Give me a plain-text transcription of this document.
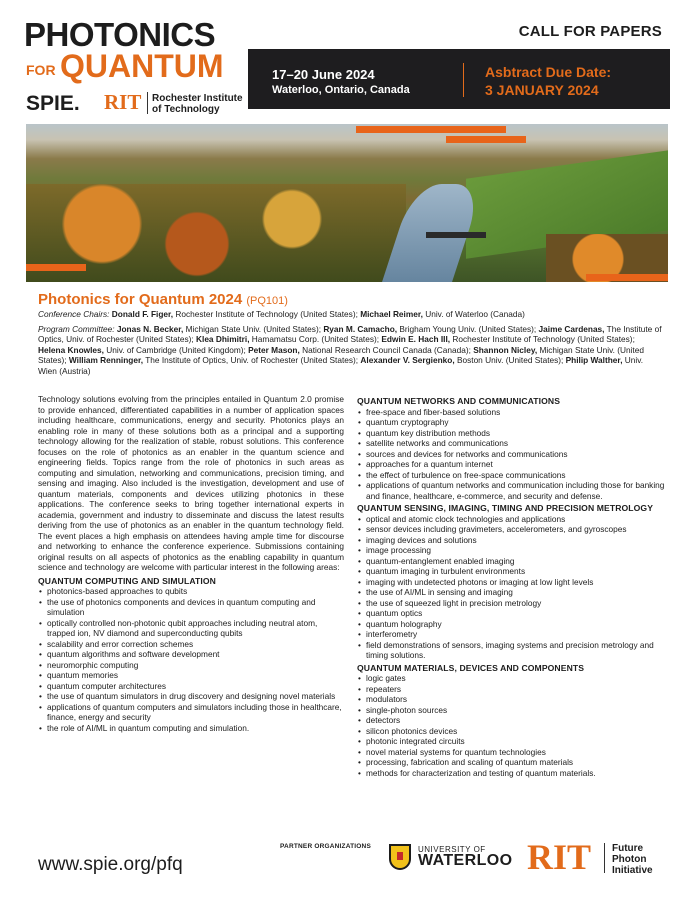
PHOTONICS
FOR QUANTUM
SPIE. RIT Rochester Institute
of Technology
CALL FOR PAPERS
17–20 June 2024
Waterloo, Ontario, Canada
Asbtract Due Date:
3 JANUARY 2024
Photonics for Quantum 2024 (PQ101)
Conference Chairs: Donald F. Figer, Rochester Institute of Technology (United States); Michael Reimer, Univ. of Waterloo (Canada)
Program Committee: Jonas N. Becker, Michigan State Univ. (United States); Ryan M. Camacho, Brigham Young Univ. (United States); Jaime Cardenas, The Institute of Optics, Univ. of Rochester (United States); Klea Dhimitri, Hamamatsu Corp. (United States); Edwin E. Hach III, Rochester Institute of Technology (United States); Helena Knowles, Univ. of Cambridge (United Kingdom); Peter Mason, National Research Council Canada (Canada); Shannon Nicley, Michigan State Univ. (United States); William Renninger, The Institute of Optics, Univ. of Rochester (United States); Alexander V. Sergienko, Boston Univ. (United States); Philip Walther, Univ. Wien (Austria)

Technology solutions evolving from the principles entailed in Quantum 2.0 promise to provide enhanced, differentiated capabilities in a number of application spaces including healthcare, communications, energy and security. Photonics plays an enabling role in many of these solutions both as a principal and a supporting technology allowing for the realization of stable, robust solutions. This conference focuses on the role of photonics as an enabler in the quantum science and engineering fields. Topics range from the role of photonics in such areas as computing and simulation, networking and communications, precision timing, and sensing and imaging. Also included is the investigation, development and use of quantum materials, components and devices utilizing photonics in these applications. The conference seeks to bring together international experts in academia, government and industry to disseminate and discuss the latest results deriving from the use of photonics as an enabler in the quantum technology field. The event places a high emphasis on attendees having ample time for discourse and networking to enhance the conference experience. Submissions containing original results on all aspects of photonics as the enabling capability in quantum science and technology are welcome with particular interest in the following areas:

QUANTUM COMPUTING AND SIMULATION
• photonics-based approaches to qubits
• the use of photonics components and devices in quantum computing and simulation
• optically controlled non-photonic qubit approaches including neutral atom, trapped ion, NV diamond and superconducting qubits
• scalability and error correction schemes
• quantum algorithms and software development
• neuromorphic computing
• quantum memories
• quantum computer architectures
• the use of quantum simulators in drug discovery and designing novel materials
• applications of quantum computers and simulators including those in healthcare, finance, energy and security
• the role of AI/ML in quantum computing and simulation.
QUANTUM NETWORKS AND COMMUNICATIONS
• free-space and fiber-based solutions
• quantum cryptography
• quantum key distribution methods
• satellite networks and communications
• sources and devices for networks and communications
• approaches for a quantum internet
• the effect of turbulence on free-space communications
• applications of quantum networks and communication including those for banking and finance, healthcare, e-commerce, and security and defense.
QUANTUM SENSING, IMAGING, TIMING AND PRECISION METROLOGY
• optical and atomic clock technologies and applications
• sensor devices including gravimeters, accelerometers, and gyroscopes
• imaging devices and solutions
• image processing
• quantum-entanglement enabled imaging
• quantum imaging in turbulent environments
• imaging with undetected photons or imaging at low light levels
• the use of AI/ML in sensing and imaging
• the use of squeezed light in precision metrology
• quantum optics
• quantum holography
• interferometry
• field demonstrations of sensors, imaging systems and precision metrology and timing solutions.
QUANTUM MATERIALS, DEVICES AND COMPONENTS
• logic gates
• repeaters
• modulators
• single-photon sources
• detectors
• silicon photonics devices
• photonic integrated circuits
• novel material systems for quantum technologies
• processing, fabrication and scaling of quantum materials
• methods for characterization and testing of quantum materials.
www.spie.org/pfq
PARTNER ORGANIZATIONS	UNIVERSITY OF
WATERLOO RIT Future
Photon
Initiative
